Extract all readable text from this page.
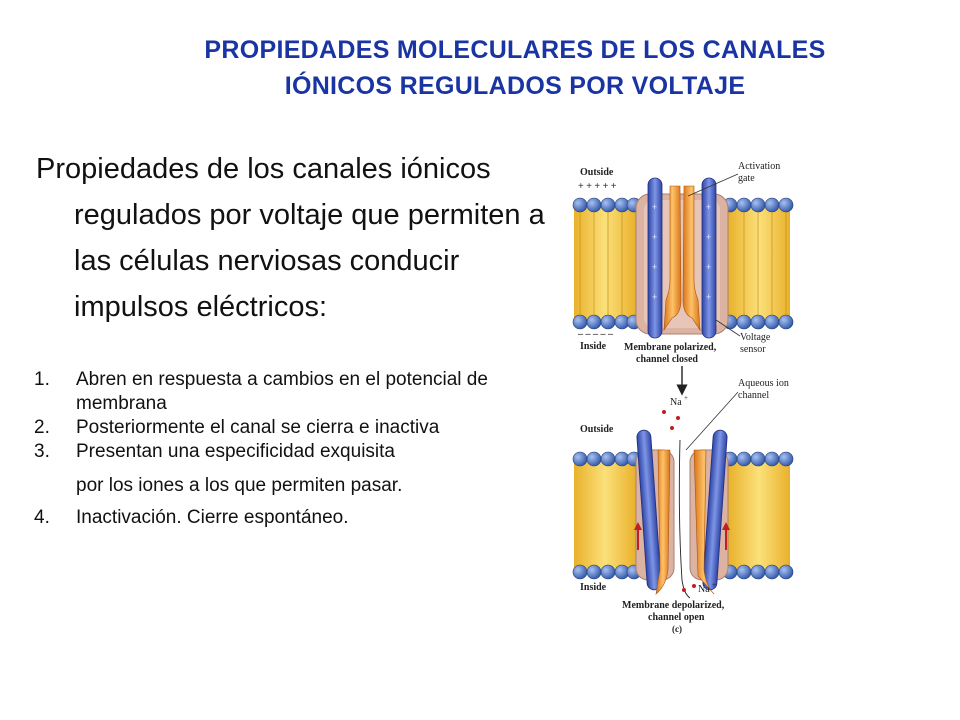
PROPIEDADES MOLECULARES DE LOS CANALES
IÓNICOS REGULADOS POR VOLTAJE
Propiedades de los canales iónicos regulados por voltaje que permiten a las células nerviosas conducir impulsos eléctricos:
1. Abren en respuesta a cambios en el potencial de membrana
2. Posteriormente el canal se cierra e inactiva
3. Presentan una especificidad exquisita
por los iones a los que permiten pasar.
4. Inactivación. Cierre espontáneo.
+
+
+
+
+
+
+
+
Outside
+ + + + +
Activation
gate
– – – – –
Inside
Voltage
sensor
Membrane polarized,
channel closed
Na +
Aqueous ion
channel
Outside
Inside	Na +
Membrane depolarized,
channel open
(c)
